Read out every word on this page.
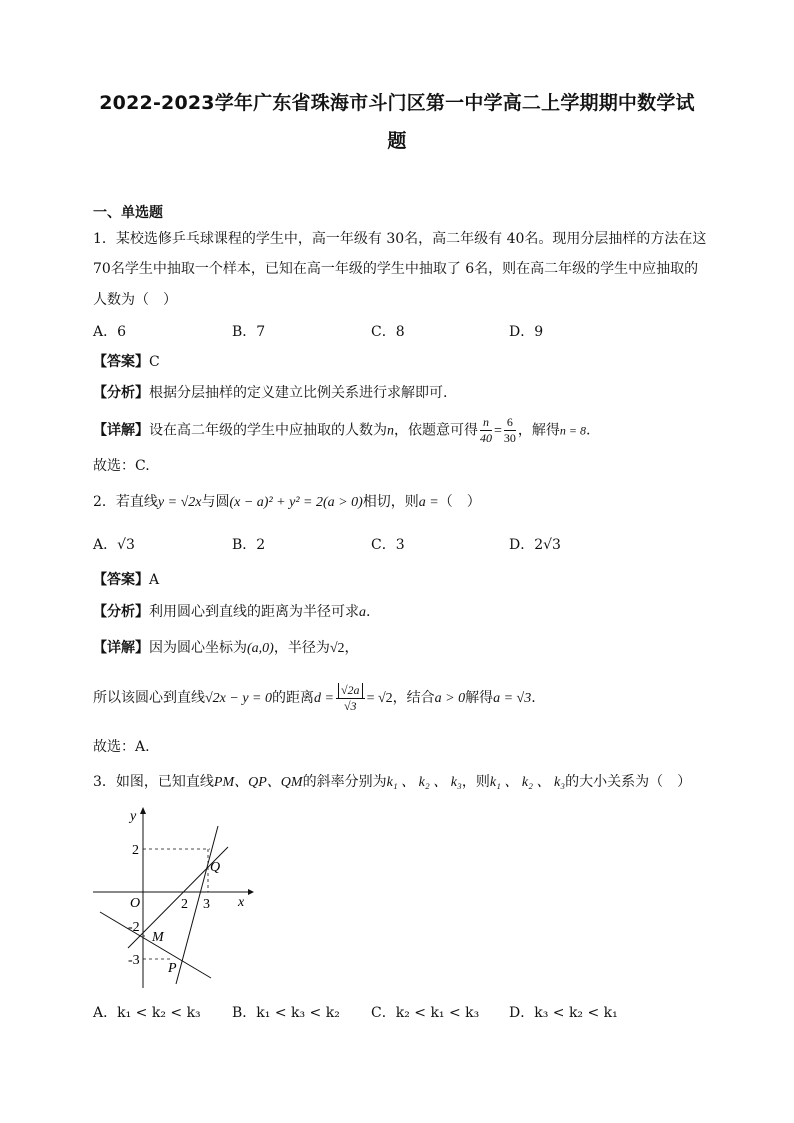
2022-2023学年广东省珠海市斗门区第一中学高二上学期期中数学试
题
一、单选题
1．某校选修乒乓球课程的学生中，高一年级有 30名，高二年级有 40名。现用分层抽样的方法在这
70名学生中抽取一个样本，已知在高一年级的学生中抽取了 6名，则在高二年级的学生中应抽取的
人数为（　）
A．6	B．7	C．8	D．9
【答案】C
【分析】根据分层抽样的定义建立比例关系进行求解即可.
【详解】设在高二年级的学生中应抽取的人数为n，依题意可得 $\frac{n}{40} = \frac{6}{30}$ ，解得n = 8.
故选：C.
2．若直线y = √2x与圆(x − a)² + y² = 2(a > 0)相切，则a =（　）
A．√3	B．2	C．3	D．2√3
【答案】A
【分析】利用圆心到直线的距离为半径可求a.
【详解】因为圆心坐标为(a,0)，半径为√2，
所以该圆心到直线√2x − y = 0的距离$d = \frac{√2a}{√3} = √2$，结合a > 0解得a = √3.
故选：A.
3．如图，已知直线PM、QP、QM的斜率分别为k₁ 、 k₂ 、 k₃，则k₁ 、 k₂ 、 k₃的大小关系为（　）
y
x
O	2 3
2
-2
-3
Q
M
P
A．k₁ < k₂ < k₃ B．k₁ < k₃ < k₂ C．k₂ < k₁ < k₃ D．k₃ < k₂ < k₁
